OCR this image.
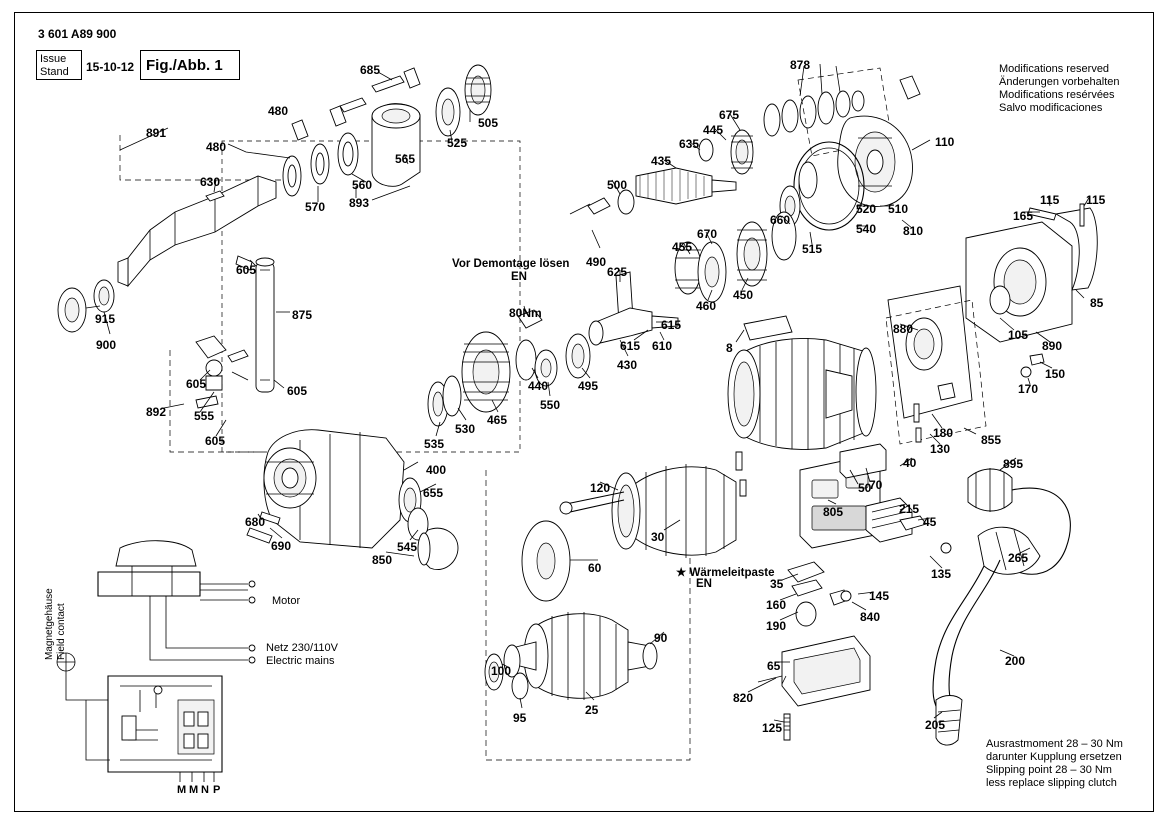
3 601 A89 900
Issue
Stand 15-10-12 Fig./Abb. 1	Modifications reserved
Änderungen vorbehalten
Modifications resérvées
Salvo modificaciones
Ausrastmoment 28 – 30 Nm
darunter Kupplung ersetzen
Slipping point 28 – 30 Nm
less replace slipping clutch
Vor Demontage lösen
EN
★ Wärmeleitpaste
EN
Magnetgehäuse Field contact
Motor
Netz 230/110V
Electric mains
M M N P
685	878
480
505
525
675
110
891
480
565
445
635
435
630	560
570 893
500
115 115
165
520 510
540 810
660
515
670
455
490
625
460
450
85
605
875
915
900
105
880
890
150
170
80Nm
615
615 610
430
495
440
550
465
530
535
8
605	605
892 555
605
180
130
855
400	40	895
655	50
70
805
120
680
690
215
45
30
545
850
60
265
135
35
145
160
840
190
90
100	65	200
25
95
820
125	205
